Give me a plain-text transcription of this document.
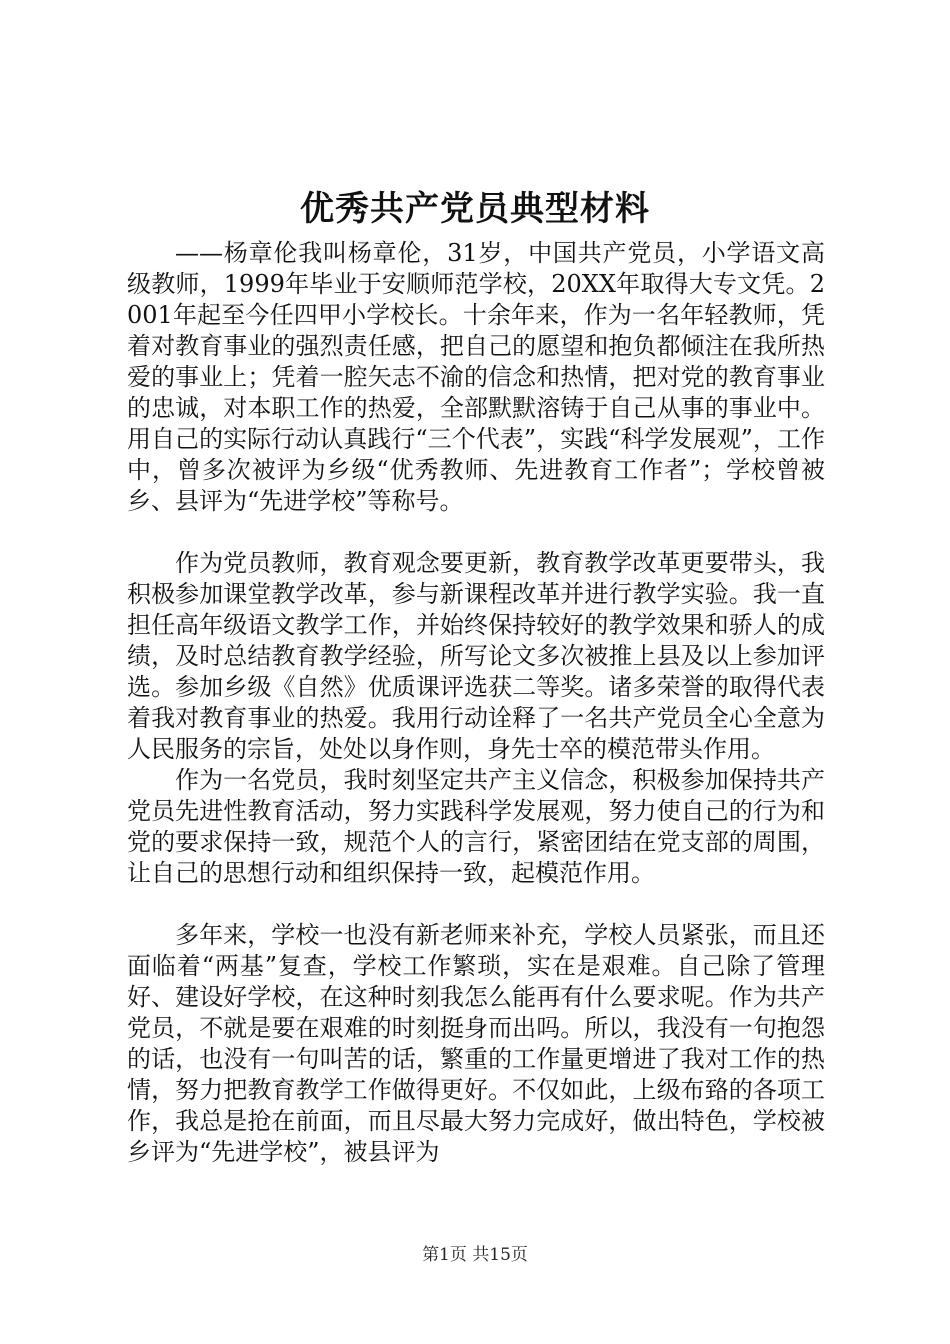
优秀共产党员典型材料

——杨章伦我叫杨章伦，31岁，中国共产党员，小学语文高级教师，1999年毕业于安顺师范学校，20XX年取得大专文凭。2001年起至今任四甲小学校长。十余年来，作为一名年轻教师，凭着对教育事业的强烈责任感，把自己的愿望和抱负都倾注在我所热爱的事业上；凭着一腔矢志不渝的信念和热情，把对党的教育事业的忠诚，对本职工作的热爱，全部默默溶铸于自己从事的事业中。用自己的实际行动认真践行“三个代表”，实践“科学发展观”，工作中，曾多次被评为乡级“优秀教师、先进教育工作者”；学校曾被乡、县评为“先进学校”等称号。

作为党员教师，教育观念要更新，教育教学改革更要带头，我积极参加课堂教学改革，参与新课程改革并进行教学实验。我一直担任高年级语文教学工作，并始终保持较好的教学效果和骄人的成绩，及时总结教育教学经验，所写论文多次被推上县及以上参加评选。参加乡级《自然》优质课评选获二等奖。诸多荣誉的取得代表着我对教育事业的热爱。我用行动诠释了一名共产党员全心全意为人民服务的宗旨，处处以身作则，身先士卒的模范带头作用。

作为一名党员，我时刻坚定共产主义信念，积极参加保持共产党员先进性教育活动，努力实践科学发展观，努力使自己的行为和党的要求保持一致，规范个人的言行，紧密团结在党支部的周围，让自己的思想行动和组织保持一致，起模范作用。

多年来，学校一也没有新老师来补充，学校人员紧张，而且还面临着“两基”复查，学校工作繁琐，实在是艰难。自己除了管理好、建设好学校，在这种时刻我怎么能再有什么要求呢。作为共产党员，不就是要在艰难的时刻挺身而出吗。所以，我没有一句抱怨的话，也没有一句叫苦的话，繁重的工作量更增进了我对工作的热情，努力把教育教学工作做得更好。不仅如此，上级布臵的各项工作，我总是抢在前面，而且尽最大努力完成好，做出特色，学校被乡评为“先进学校”，被县评为

第1页 共15页
